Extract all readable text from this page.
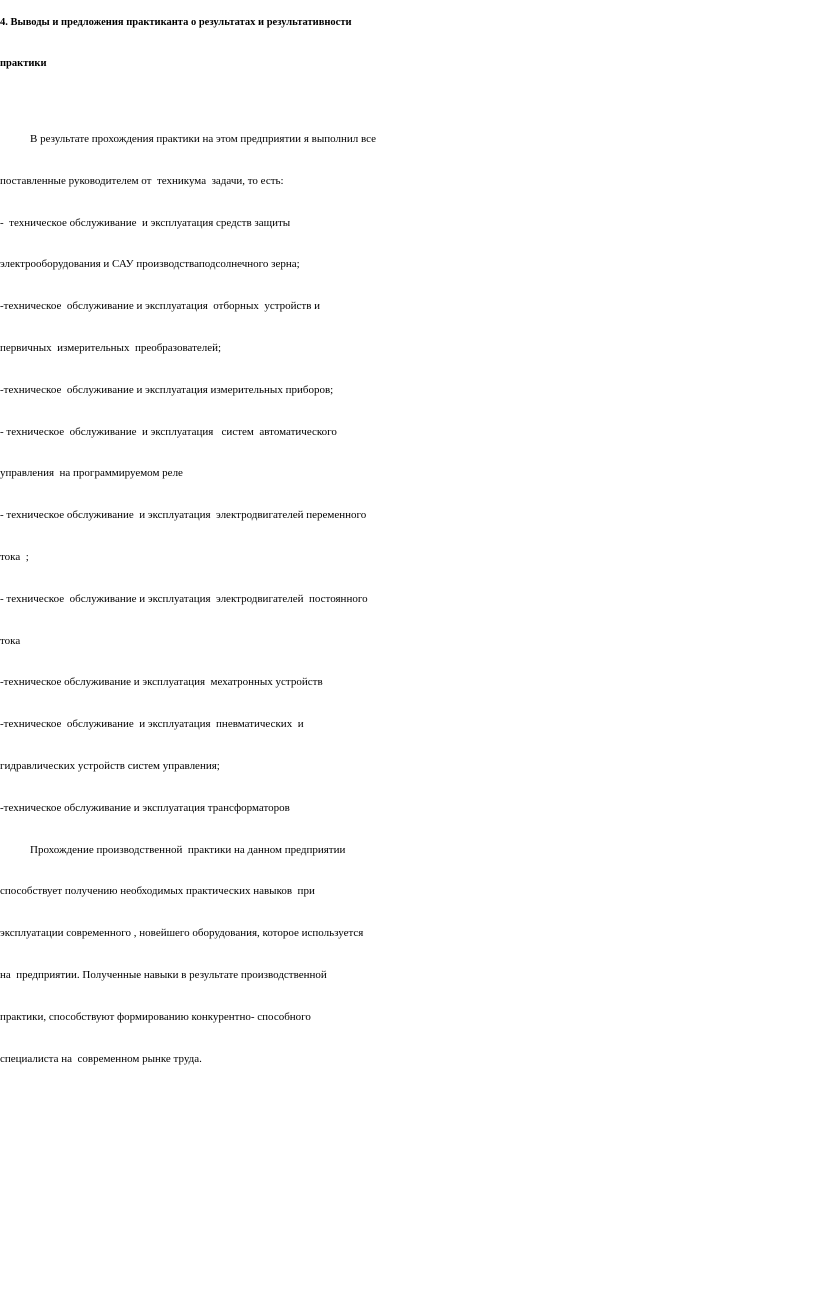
4. Выводы и предложения практиканта о результатах и результативности
практики
В результате прохождения практики на этом предприятии я выполнил все
поставленные руководителем от  техникума  задачи, то есть:
-  техническое обслуживание  и эксплуатация средств защиты
электрооборудования и САУ производстваподсолнечного зерна;
-техническое  обслуживание и эксплуатация  отборных  устройств и
первичных  измерительных  преобразователей;
-техническое  обслуживание и эксплуатация измерительных приборов;
- техническое  обслуживание  и эксплуатация   систем  автоматического
управления  на программируемом реле
- техническое обслуживание  и эксплуатация  электродвигателей переменного
тока  ;
- техническое  обслуживание и эксплуатация  электродвигателей  постоянного
тока
-техническое обслуживание и эксплуатация  мехатронных устройств
-техническое  обслуживание  и эксплуатация  пневматических  и
гидравлических устройств систем управления;
-техническое обслуживание и эксплуатация трансформаторов
Прохождение производственной  практики на данном предприятии
способствует получению необходимых практических навыков  при
эксплуатации современного , новейшего оборудования, которое используется
на  предприятии. Полученные навыки в результате производственной
практики, способствуют формированию конкурентно- способного
специалиста на  современном рынке труда.
